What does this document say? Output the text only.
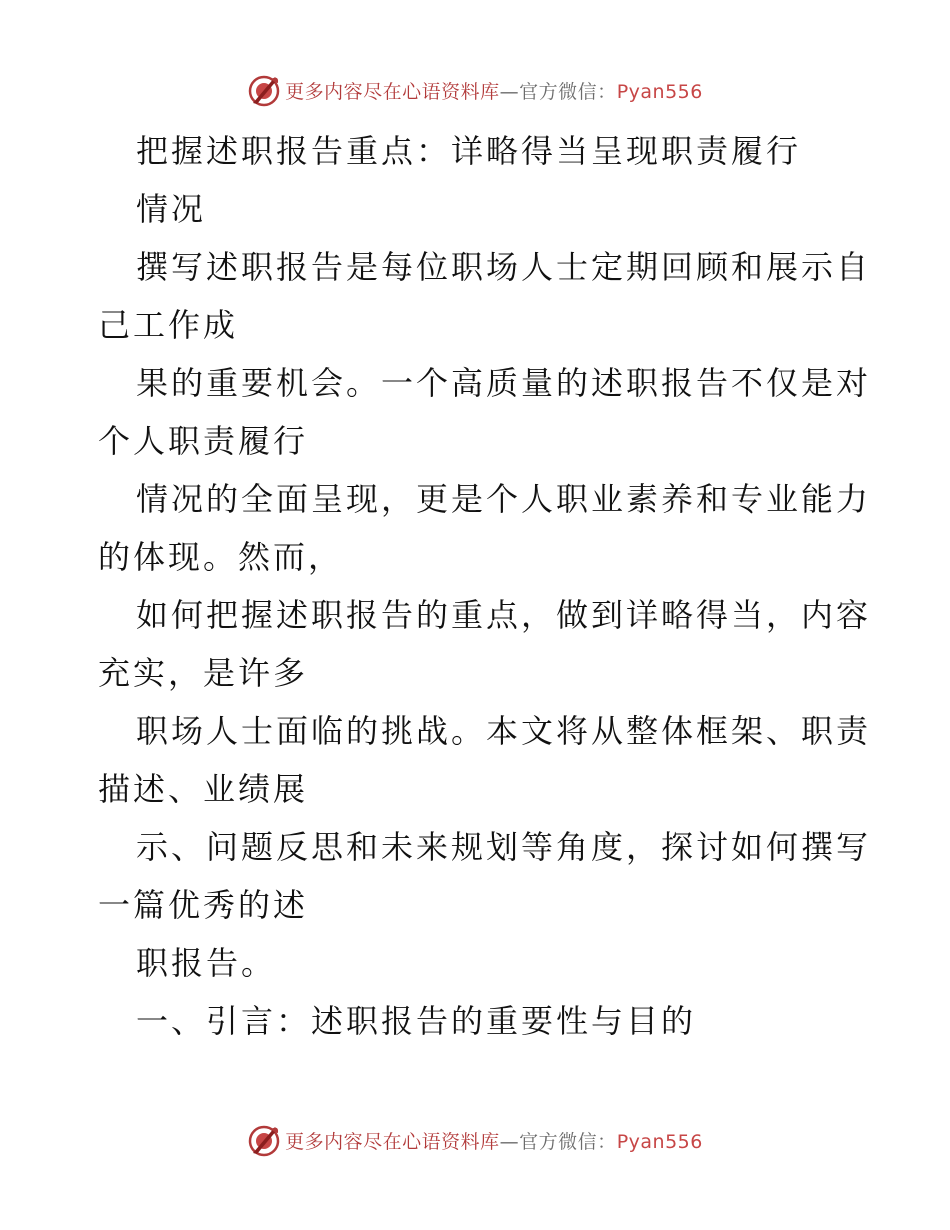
更多内容尽在心语资料库—官方微信：Pyan556
把握述职报告重点：详略得当呈现职责履行
情况
撰写述职报告是每位职场人士定期回顾和展示自
己工作成
果的重要机会。一个高质量的述职报告不仅是对
个人职责履行
情况的全面呈现，更是个人职业素养和专业能力
的体现。然而，
如何把握述职报告的重点，做到详略得当，内容
充实，是许多
职场人士面临的挑战。本文将从整体框架、职责
描述、业绩展
示、问题反思和未来规划等角度，探讨如何撰写
一篇优秀的述
职报告。
一、引言：述职报告的重要性与目的
更多内容尽在心语资料库—官方微信：Pyan556
